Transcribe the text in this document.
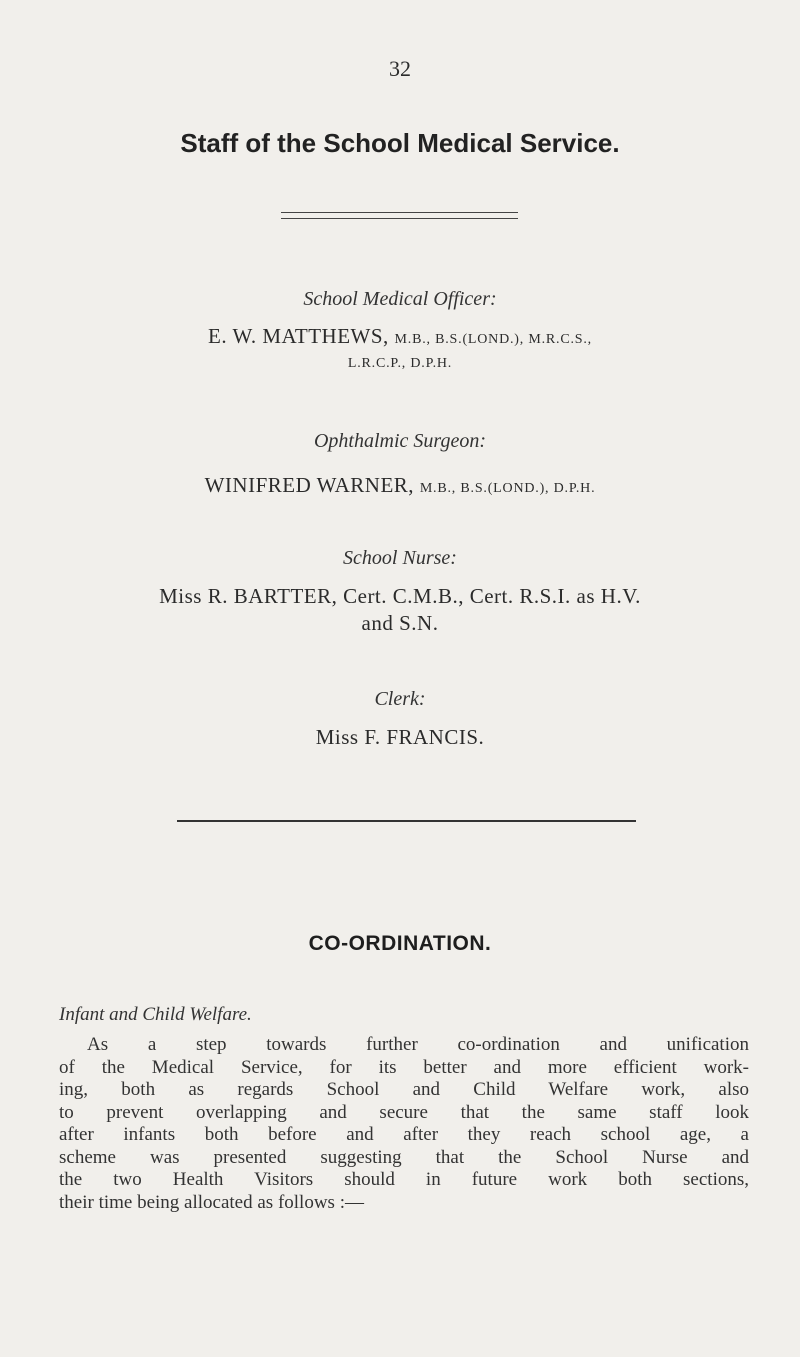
32
Staff of the School Medical Service.
School Medical Officer:
E. W. MATTHEWS, M.B., B.S.(LOND.), M.R.C.S.,
L.R.C.P., D.P.H.
Ophthalmic Surgeon:
WINIFRED WARNER, M.B., B.S.(LOND.), D.P.H.
School Nurse:
Miss R. BARTTER, Cert. C.M.B., Cert. R.S.I. as H.V.
and S.N.
Clerk:
Miss F. FRANCIS.
CO-ORDINATION.
Infant and Child Welfare.
As a step towards further co-ordination and unification
of the Medical Service, for its better and more efficient work-
ing, both as regards School and Child Welfare work, also
to prevent overlapping and secure that the same staff look
after infants both before and after they reach school age, a
scheme was presented suggesting that the School Nurse and
the two Health Visitors should in future work both sections,
their time being allocated as follows :—
